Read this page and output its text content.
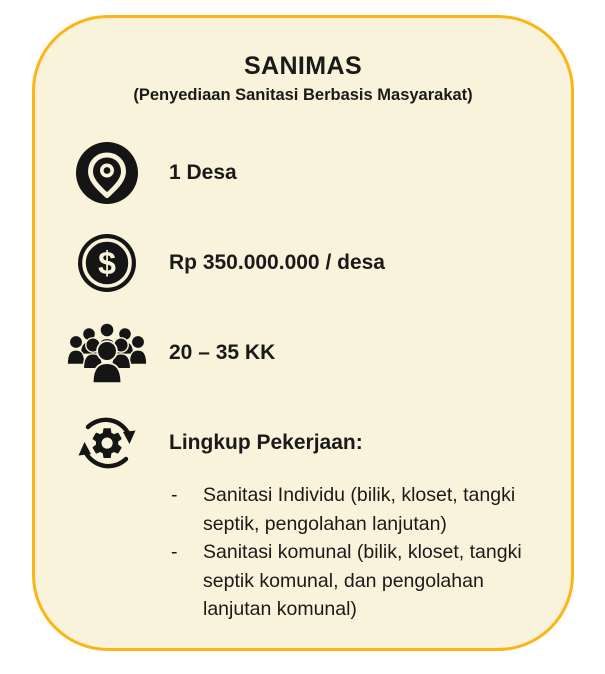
SANIMAS
(Penyediaan Sanitasi Berbasis Masyarakat)
1 Desa
$	Rp 350.000.000 / desa
20 – 35 KK
Lingkup Pekerjaan:
-	Sanitasi Individu (bilik, kloset, tangki septik, pengolahan lanjutan)
-	Sanitasi komunal (bilik, kloset, tangki septik komunal, dan pengolahan lanjutan komunal)
